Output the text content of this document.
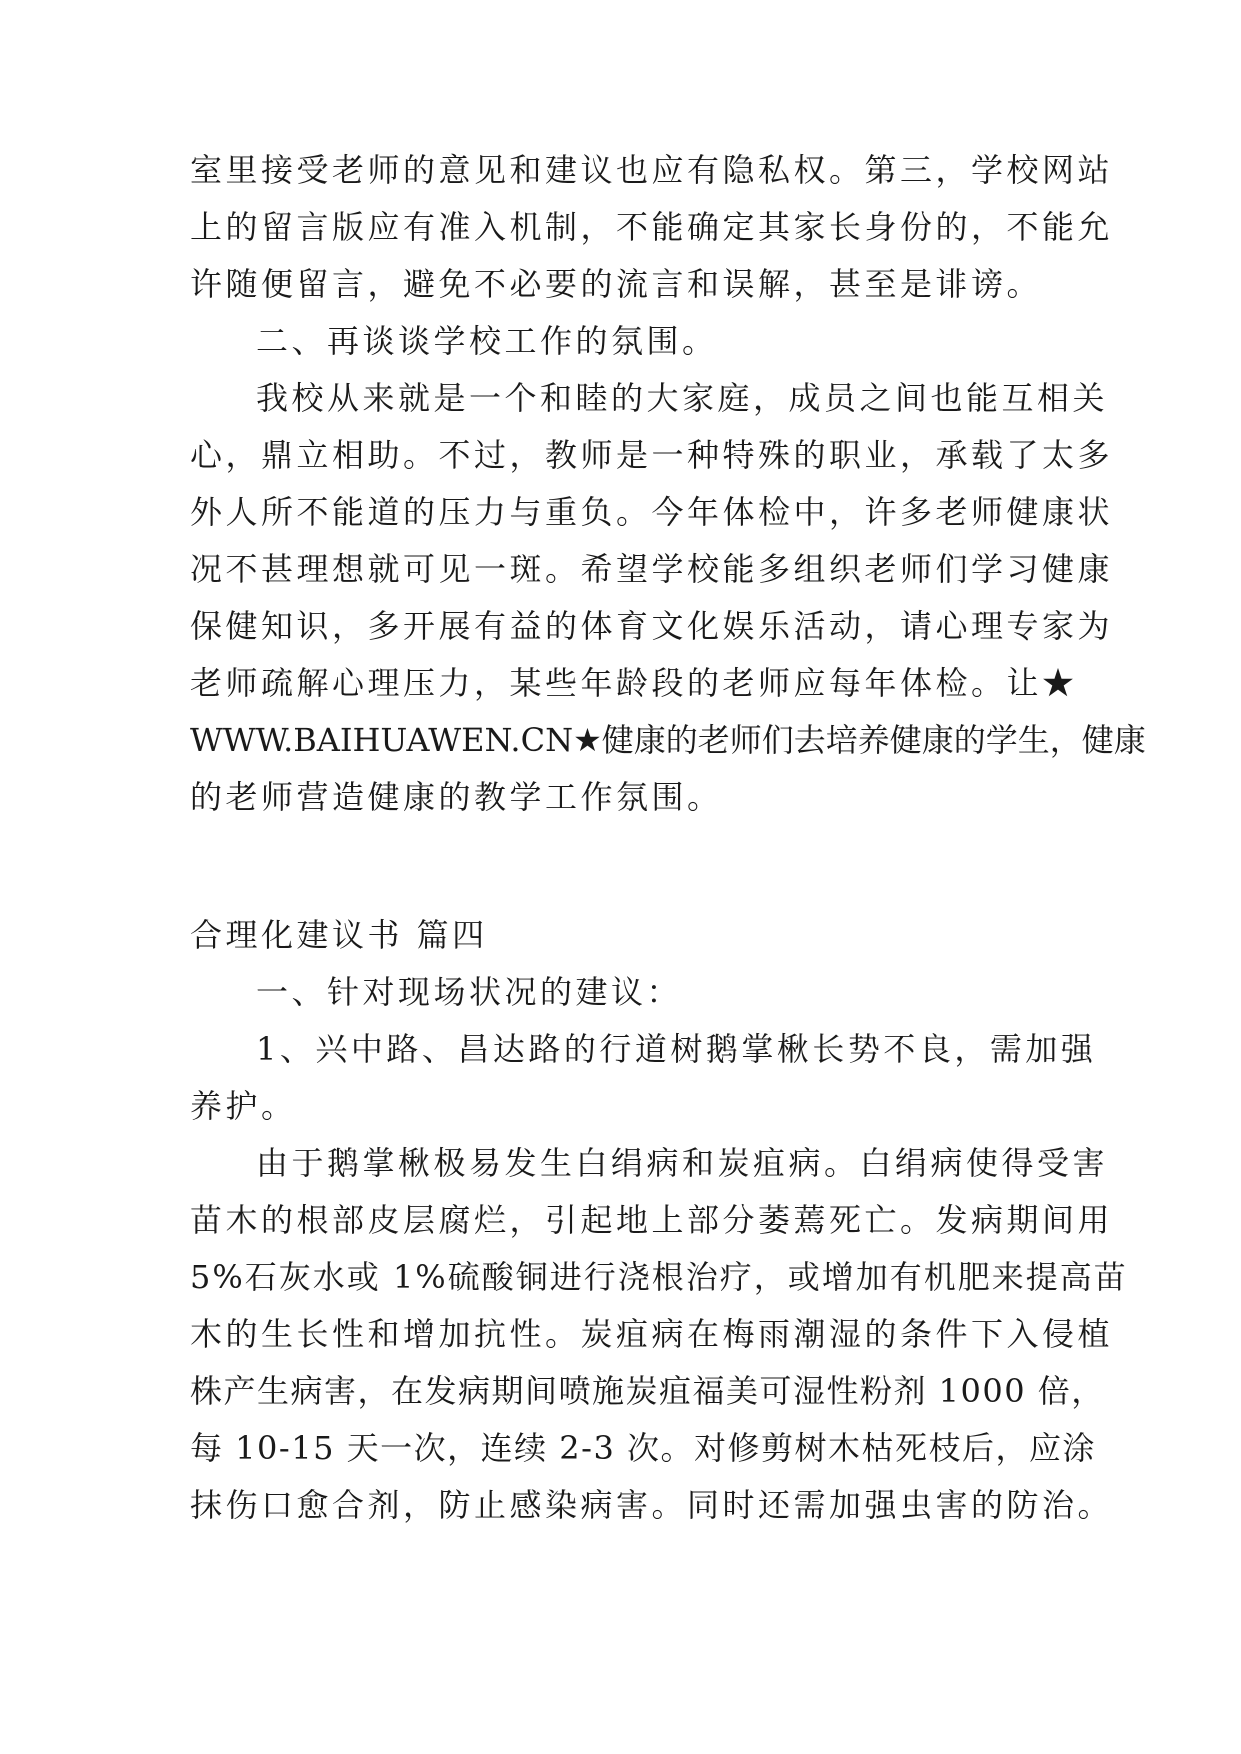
室里接受老师的意见和建议也应有隐私权。第三，学校网站
上的留言版应有准入机制，不能确定其家长身份的，不能允
许随便留言，避免不必要的流言和误解，甚至是诽谤。
二、再谈谈学校工作的氛围。
我校从来就是一个和睦的大家庭，成员之间也能互相关
心，鼎立相助。不过，教师是一种特殊的职业，承载了太多
外人所不能道的压力与重负。今年体检中，许多老师健康状
况不甚理想就可见一斑。希望学校能多组织老师们学习健康
保健知识，多开展有益的体育文化娱乐活动，请心理专家为
老师疏解心理压力，某些年龄段的老师应每年体检。让★
WWW.BAIHUAWEN.CN★健康的老师们去培养健康的学生，健康
的老师营造健康的教学工作氛围。
合理化建议书 篇四
一、针对现场状况的建议：
1、兴中路、昌达路的行道树鹅掌楸长势不良，需加强
养护。
由于鹅掌楸极易发生白绢病和炭疽病。白绢病使得受害
苗木的根部皮层腐烂，引起地上部分萎蔫死亡。发病期间用
5%石灰水或 1%硫酸铜进行浇根治疗，或增加有机肥来提高苗
木的生长性和增加抗性。炭疽病在梅雨潮湿的条件下入侵植
株产生病害，在发病期间喷施炭疽福美可湿性粉剂 1000 倍，
每 10-15 天一次，连续 2-3 次。对修剪树木枯死枝后，应涂
抹伤口愈合剂，防止感染病害。同时还需加强虫害的防治。
